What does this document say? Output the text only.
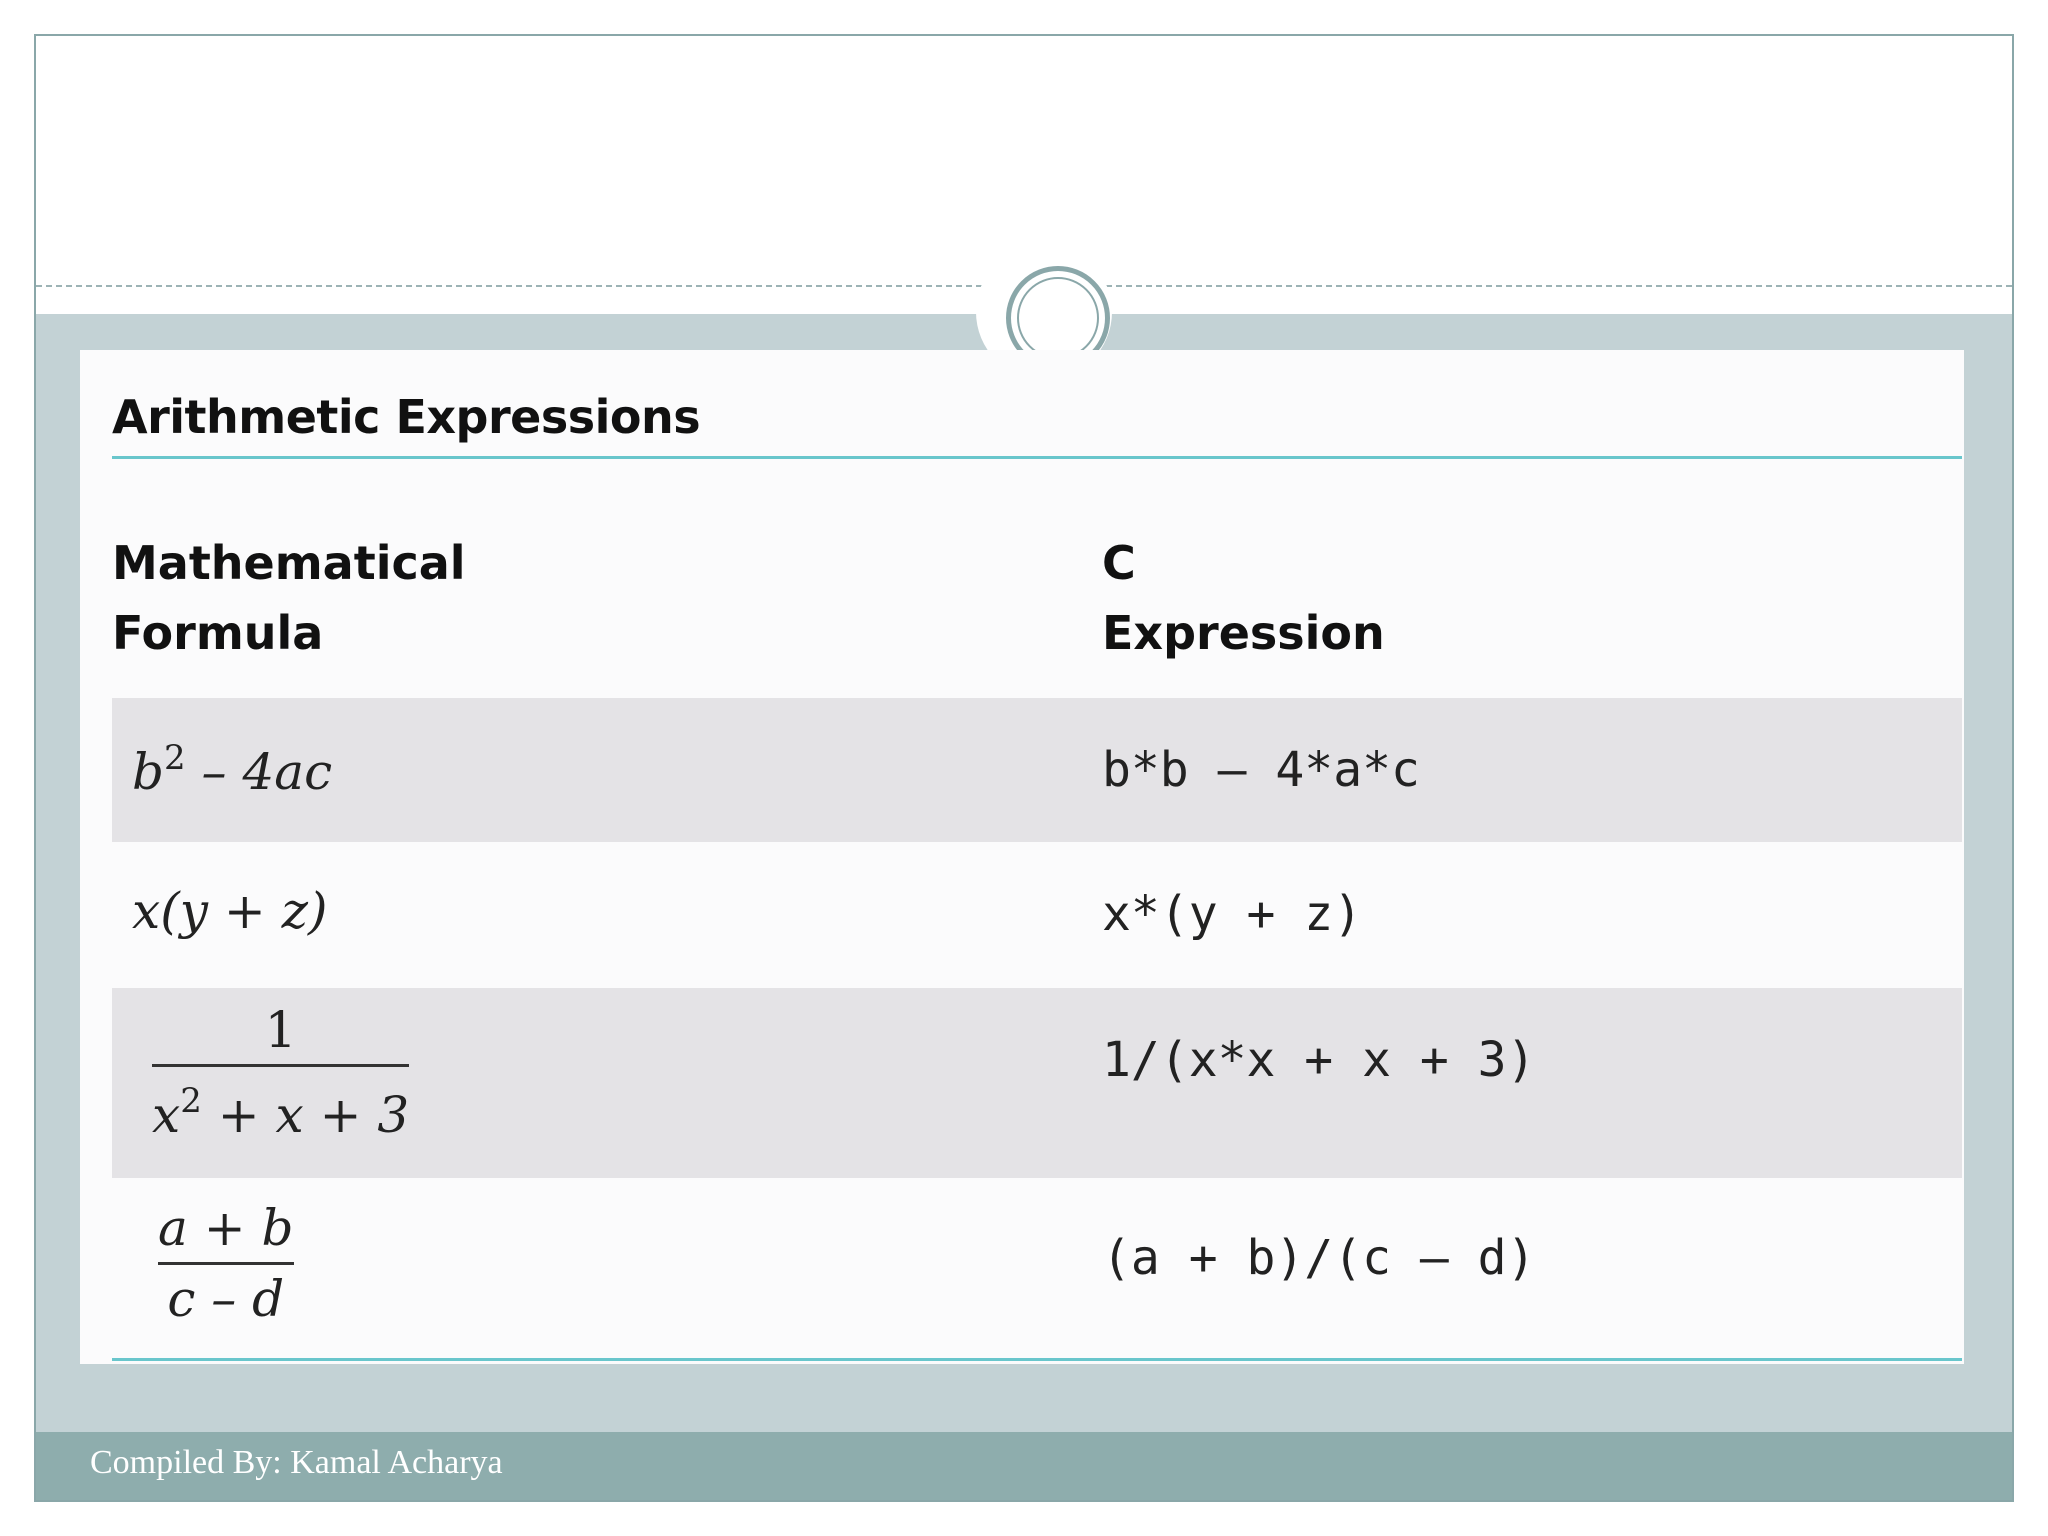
Arithmetic Expressions
Mathematical
Formula
C
Expression
$b^2 - 4ac$	b*b – 4*a*c
x(y + z)	x*(y + z)
1
$x^2 + x + 3$
1/(x*x + x + 3)
a + b
c – d
(a + b)/(c – d)
Compiled By: Kamal Acharya
